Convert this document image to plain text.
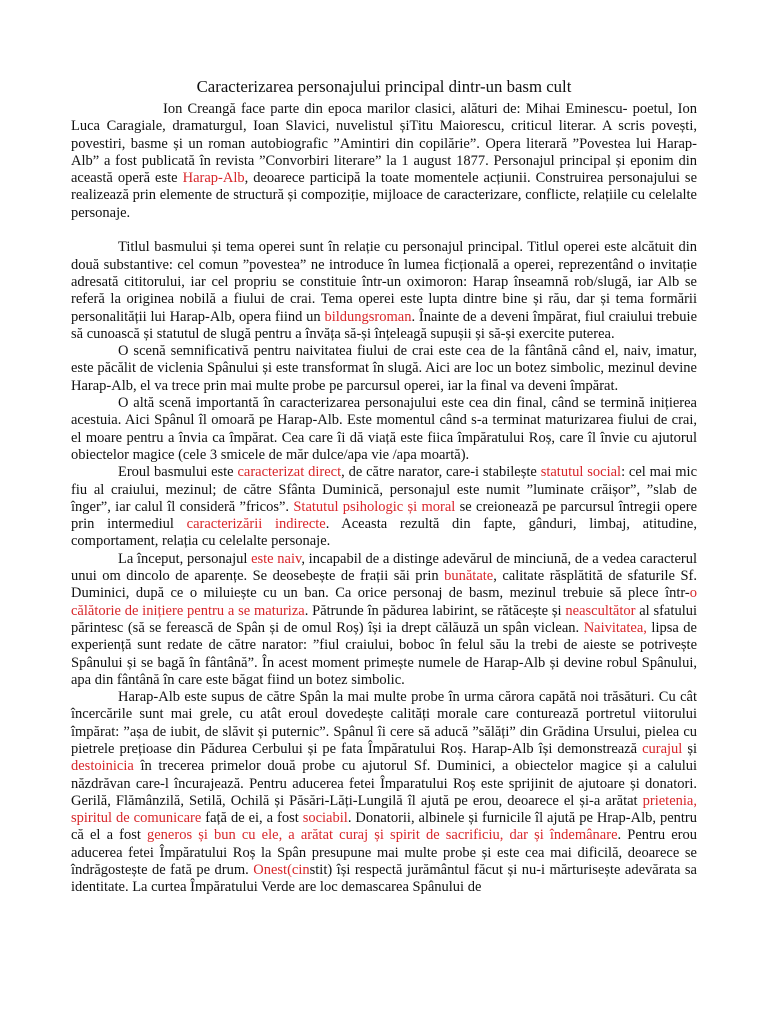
Caracterizarea personajului principal dintr-un basm cult

Ion Creangă face parte din epoca marilor clasici, alături de: Mihai Eminescu- poetul, Ion Luca Caragiale, dramaturgul, Ioan Slavici, nuvelistul șiTitu Maiorescu, criticul literar. A scris povești, povestiri, basme și un roman autobiografic ”Amintiri din copilărie”. Opera literară ”Povestea lui Harap-Alb” a fost publicată în revista ”Convorbiri literare” la 1 august 1877. Personajul principal și eponim din această operă este Harap-Alb, deoarece participă la toate momentele acțiunii. Construirea personajului se realizează prin elemente de structură și compoziție, mijloace de caracterizare, conflicte, relațiile cu celelalte personaje.

Titlul basmului și tema operei sunt în relație cu personajul principal. Titlul operei este alcătuit din două substantive: cel comun ”povestea” ne introduce în lumea ficțională a operei, reprezentând o invitație adresată cititorului, iar cel propriu se constituie într-un oximoron: Harap înseamnă rob/slugă, iar Alb se referă la originea nobilă a fiului de crai. Tema operei este lupta dintre bine și rău, dar și tema formării personalității lui Harap-Alb, opera fiind un bildungsroman. Înainte de a deveni împărat, fiul craiului trebuie să cunoască și statutul de slugă pentru a învăța să-și înțeleagă supușii și să-și exercite puterea.

O scenă semnificativă pentru naivitatea fiului de crai este cea de la fântână când el, naiv, imatur, este păcălit de viclenia Spânului și este transformat în slugă. Aici are loc un botez simbolic, mezinul devine Harap-Alb, el va trece prin mai multe probe pe parcursul operei, iar la final va deveni împărat.

O altă scenă importantă în caracterizarea personajului este cea din final, când se termină inițierea acestuia. Aici Spânul îl omoară pe Harap-Alb. Este momentul când s-a terminat maturizarea fiului de crai, el moare pentru a învia ca împărat. Cea care îi dă viață este fiica împăratului Roș, care îl învie cu ajutorul obiectelor magice (cele 3 smicele de măr dulce/apa vie /apa moartă).

Eroul basmului este caracterizat direct, de către narator, care-i stabilește statutul social: cel mai mic fiu al craiului, mezinul; de către Sfânta Duminică, personajul este numit ”luminate crăișor”, ”slab de înger”, iar calul îl consideră ”fricos”. Statutul psihologic și moral se creionează pe parcursul întregii opere prin intermediul caracterizării indirecte. Aceasta rezultă din fapte, gânduri, limbaj, atitudine, comportament, relația cu celelalte personaje.

La început, personajul este naiv, incapabil de a distinge adevărul de minciună, de a vedea caracterul unui om dincolo de aparențe. Se deosebește de frații săi prin bunătate, calitate răsplătită de sfaturile Sf. Duminici, după ce o miluiește cu un ban. Ca orice personaj de basm, mezinul trebuie să plece într-o călătorie de inițiere pentru a se maturiza. Pătrunde în pădurea labirint, se rătăcește și neascultător al sfatului părintesc (să se ferească de Spân și de omul Roș) își ia drept călăuză un spân viclean. Naivitatea, lipsa de experiență sunt redate de către narator: ”fiul craiului, boboc în felul său la trebi de aieste se potrivește Spânului și se bagă în fântână”. În acest moment primește numele de Harap-Alb și devine robul Spânului, apa din fântână în care este băgat fiind un botez simbolic.

Harap-Alb este supus de către Spân la mai multe probe în urma cărora capătă noi trăsături. Cu cât încercările sunt mai grele, cu atât eroul dovedește calități morale care conturează portretul viitorului împărat: ”așa de iubit, de slăvit și puternic”. Spânul îi cere să aducă ”sălăți” din Grădina Ursului, pielea cu pietrele prețioase din Pădurea Cerbului și pe fata Împăratului Roș. Harap-Alb își demonstrează curajul și destoinicia în trecerea primelor două probe cu ajutorul Sf. Duminici, a obiectelor magice și a calului năzdrăvan care-l încurajează. Pentru aducerea fetei Împaratului Roș este sprijinit de ajutoare și donatori. Gerilă, Flămânzilă, Setilă, Ochilă și Păsări-Lăți-Lungilă îl ajută pe erou, deoarece el și-a arătat prietenia, spiritul de comunicare față de ei, a fost sociabil. Donatorii, albinele și furnicile îl ajută pe Hrap-Alb, pentru că el a fost generos și bun cu ele, a arătat curaj și spirit de sacrificiu, dar și îndemânare. Pentru erou aducerea fetei Împăratului Roș la Spân presupune mai multe probe și este cea mai dificilă, deoarece se îndrăgostește de fată pe drum. Onest(cinstit) își respectă jurământul făcut și nu-i mărturisește adevărata sa identitate. La curtea Împăratului Verde are loc demascarea Spânului de
